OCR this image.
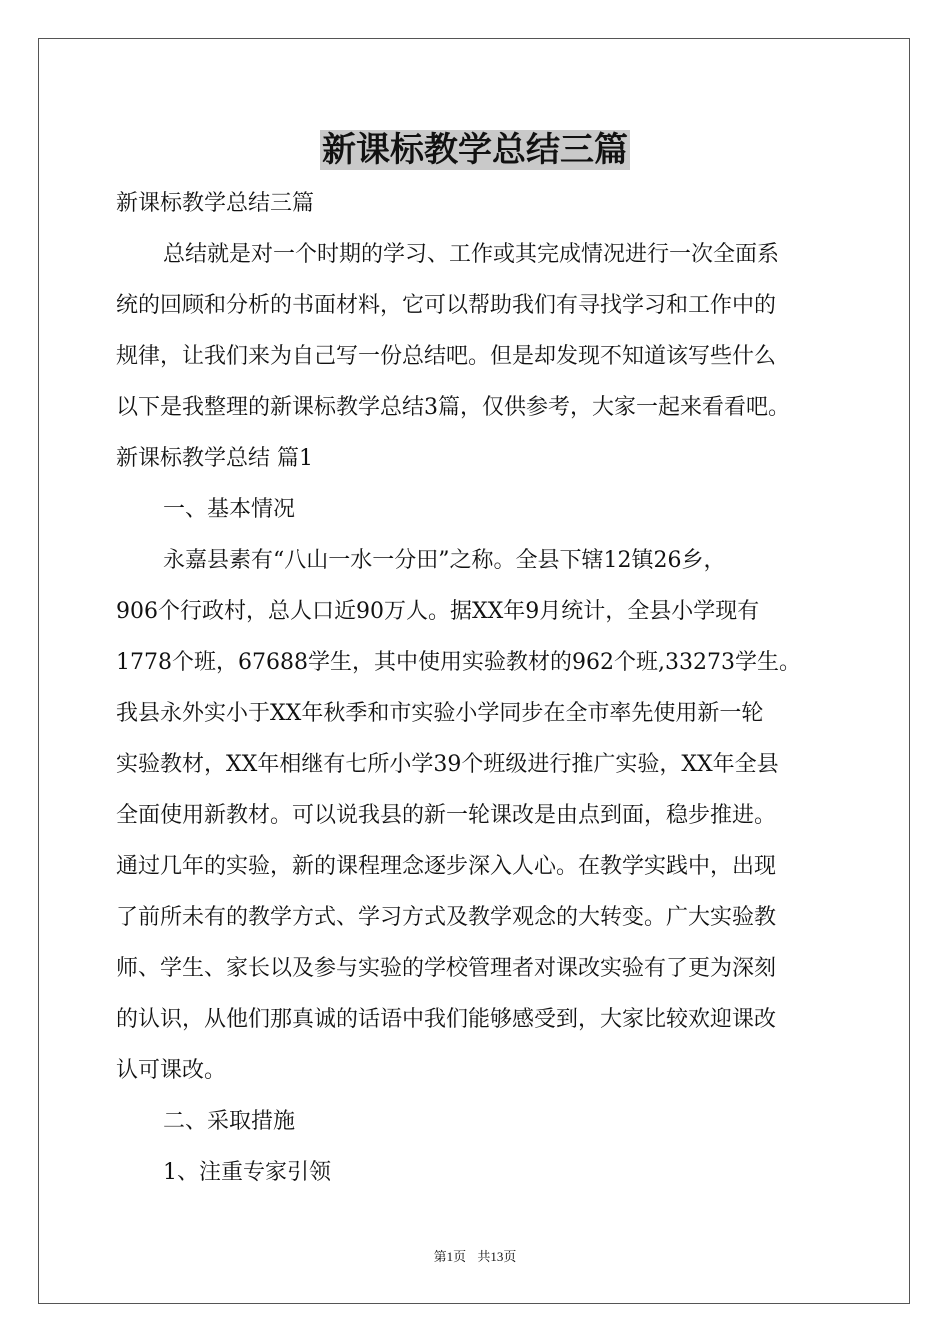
新课标教学总结三篇
新课标教学总结三篇
总结就是对一个时期的学习、工作或其完成情况进行一次全面系
统的回顾和分析的书面材料，它可以帮助我们有寻找学习和工作中的
规律，让我们来为自己写一份总结吧。但是却发现不知道该写些什么
以下是我整理的新课标教学总结3篇，仅供参考，大家一起来看看吧。
新课标教学总结 篇1
一、基本情况
永嘉县素有“八山一水一分田”之称。全县下辖12镇26乡，
906个行政村，总人口近90万人。据XX年9月统计，全县小学现有
1778个班，67688学生，其中使用实验教材的962个班,33273学生。
我县永外实小于XX年秋季和市实验小学同步在全市率先使用新一轮
实验教材，XX年相继有七所小学39个班级进行推广实验，XX年全县
全面使用新教材。可以说我县的新一轮课改是由点到面，稳步推进。
通过几年的实验，新的课程理念逐步深入人心。在教学实践中，出现
了前所未有的教学方式、学习方式及教学观念的大转变。广大实验教
师、学生、家长以及参与实验的学校管理者对课改实验有了更为深刻
的认识，从他们那真诚的话语中我们能够感受到，大家比较欢迎课改
认可课改。
二、采取措施
1、注重专家引领
第1页 共13页
